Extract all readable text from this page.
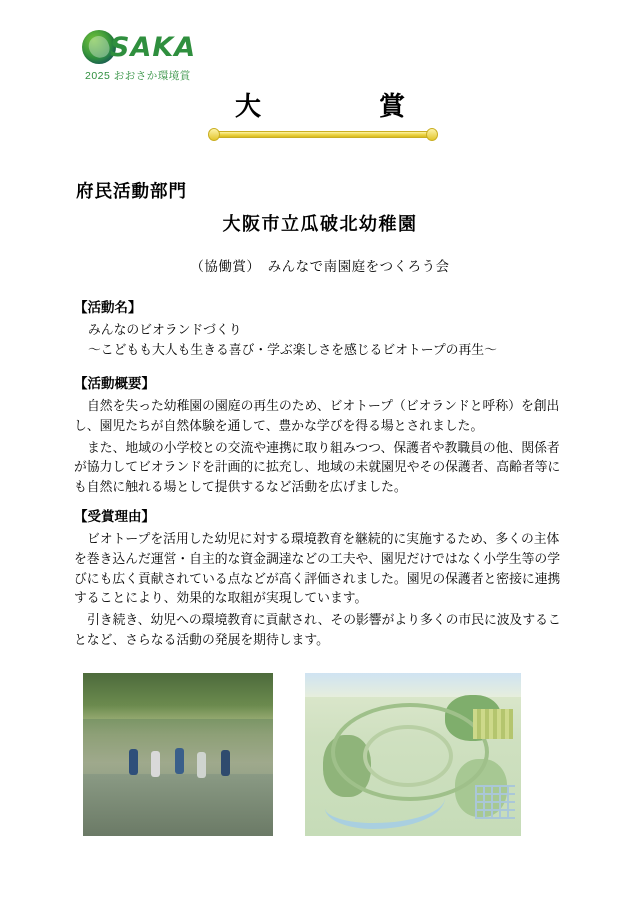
SAKA
2025 おおさか環境賞
大　　賞
府民活動部門
大阪市立瓜破北幼稚園
（協働賞）　みんなで南園庭をつくろう会
【活動名】
みんなのビオランドづくり
〜こどもも大人も生きる喜び・学ぶ楽しさを感じるビオトープの再生〜
【活動概要】

自然を失った幼稚園の園庭の再生のため、ビオトープ（ビオランドと呼称）を創出し、園児たちが自然体験を通して、豊かな学びを得る場とされました。

また、地域の小学校との交流や連携に取り組みつつ、保護者や教職員の他、関係者が協力してビオランドを計画的に拡充し、地域の未就園児やその保護者、高齢者等にも自然に触れる場として提供するなど活動を広げました。

【受賞理由】

ビオトープを活用した幼児に対する環境教育を継続的に実施するため、多くの主体を巻き込んだ運営・自主的な資金調達などの工夫や、園児だけではなく小学生等の学びにも広く貢献されている点などが高く評価されました。園児の保護者と密接に連携することにより、効果的な取組が実現しています。

引き続き、幼児への環境教育に貢献され、その影響がより多くの市民に波及することなど、さらなる活動の発展を期待します。
